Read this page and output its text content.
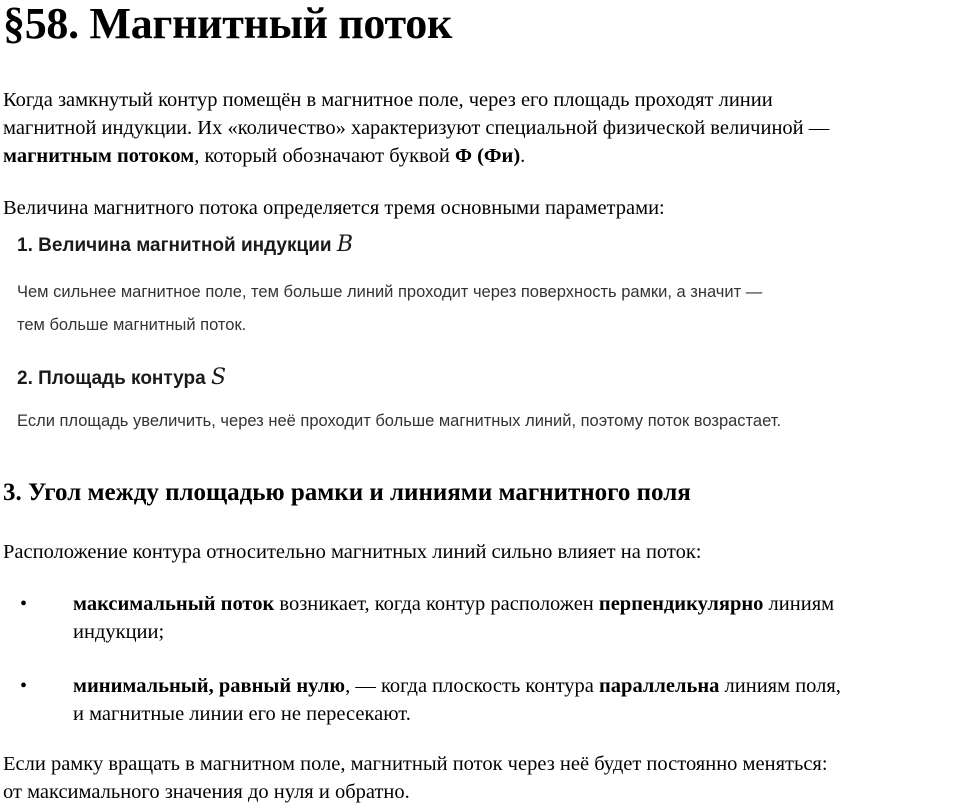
§58. Магнитный поток

Когда замкнутый контур помещён в магнитное поле, через его площадь проходят линии
магнитной индукции. Их «количество» характеризуют специальной физической величиной —
магнитным потоком, который обозначают буквой Φ (Фи).

Величина магнитного потока определяется тремя основными параметрами:

1. Величина магнитной индукции B

Чем сильнее магнитное поле, тем больше линий проходит через поверхность рамки, а значит —
тем больше магнитный поток.

2. Площадь контура S

Если площадь увеличить, через неё проходит больше магнитных линий, поэтому поток возрастает.

3. Угол между площадью рамки и линиями магнитного поля

Расположение контура относительно магнитных линий сильно влияет на поток:

• максимальный поток возникает, когда контур расположен перпендикулярно линиям
индукции;
• минимальный, равный нулю, — когда плоскость контура параллельна линиям поля,
и магнитные линии его не пересекают.

Если рамку вращать в магнитном поле, магнитный поток через неё будет постоянно меняться:
от максимального значения до нуля и обратно.
